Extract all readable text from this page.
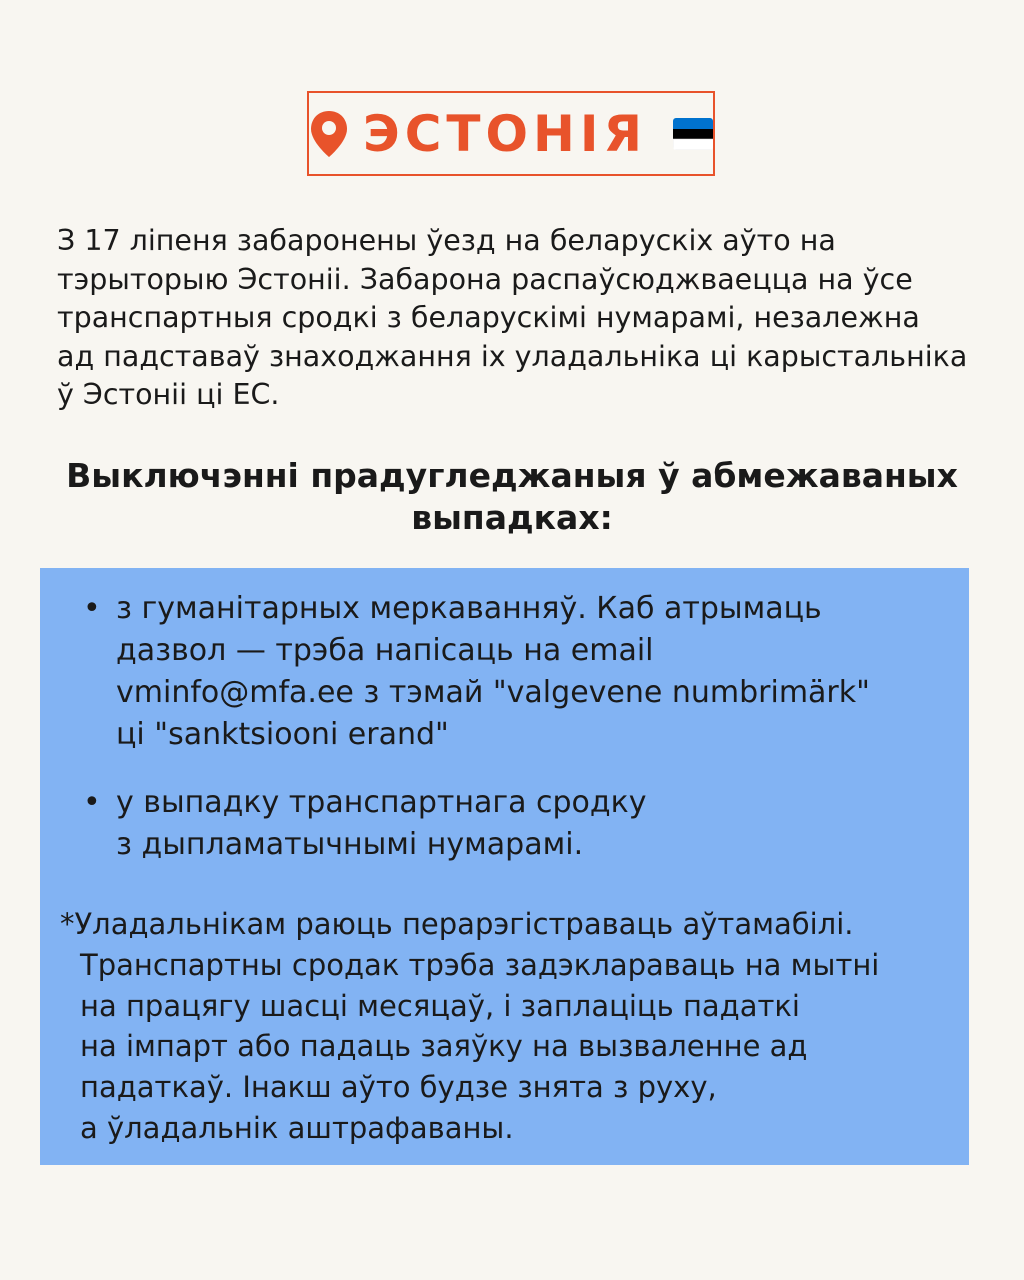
ЭСТОНІЯ

З 17 ліпеня забаронены ўезд на беларускіх аўто на
тэрыторыю Эстоніі. Забарона распаўсюджваецца на ўсе
транспартныя сродкі з беларускімі нумарамі, незалежна
ад падставаў знаходжання іх уладальніка ці карыстальніка
ў Эстоніі ці ЕС.

Выключэнні прадугледжаныя ў абмежаваных
выпадках:
• з гуманітарных меркаванняў. Каб атрымаць
дазвол — трэба напісаць на email
vminfo@mfa.ee з тэмай "valgevene numbrimärk"
ці "sanktsiooni erand"
• у выпадку транспартнага сродку
з дыпламатычнымі нумарамі.

*Уладальнікам раюць перарэгістраваць аўтамабілі.
Транспартны сродак трэба задэклараваць на мытні
на працягу шасці месяцаў, і заплаціць падаткі
на імпарт або падаць заяўку на вызваленне ад
падаткаў. Інакш аўто будзе знята з руху,
а ўладальнік аштрафаваны.
